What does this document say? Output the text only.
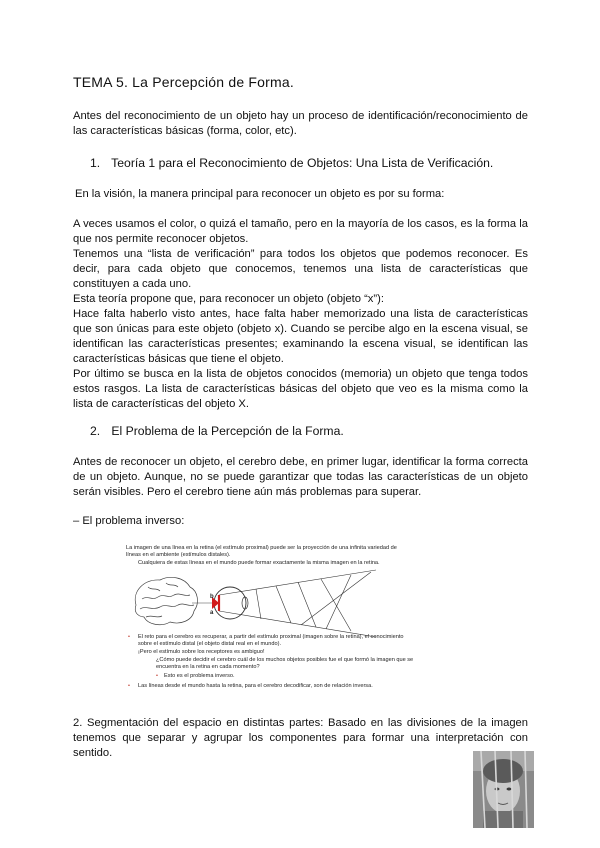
TEMA 5. La Percepción de Forma.
Antes del reconocimiento de un objeto hay un proceso de identificación/reconocimiento de las características básicas (forma, color, etc).
1. Teoría 1 para el Reconocimiento de Objetos: Una Lista de Verificación.
En la visión, la manera principal para reconocer un objeto es por su forma:
A veces usamos el color, o quizá el tamaño, pero en la mayoría de los casos, es la forma la que nos permite reconocer objetos.
Tenemos una “lista de verificación” para todos los objetos que podemos reconocer. Es decir, para cada objeto que conocemos, tenemos una lista de características que constituyen a cada uno.
Esta teoría propone que, para reconocer un objeto (objeto “x”):
Hace falta haberlo visto antes, hace falta haber memorizado una lista de características que son únicas para este objeto (objeto x). Cuando se percibe algo en la escena visual, se identifican las características presentes; examinando la escena visual, se identifican las características básicas que tiene el objeto.
Por último se busca en la lista de objetos conocidos (memoria) un objeto que tenga todos estos rasgos. La lista de características básicas del objeto que veo es la misma como la lista de características del objeto X.
2. El Problema de la Percepción de la Forma.
Antes de reconocer un objeto, el cerebro debe, en primer lugar, identificar la forma correcta de un objeto. Aunque, no se puede garantizar que todas las características de un objeto serán visibles. Pero el cerebro tiene aún más problemas para superar.
– El problema inverso:
La imagen de una línea en la retina (el estímulo proximal) puede ser la proyección de una infinita variedad de
líneas en el ambiente (estímulos distales).
Cualquiera de estas líneas en el mundo puede formar exactamente la misma imagen en la retina.
b
a
• El reto para el cerebro es recuperar, a partir del estímulo proximal (imagen sobre la retina), el conocimiento
sobre el estímulo distal (el objeto distal real en el mundo).
¡Pero el estímulo sobre los receptores es ambiguo!
¿Cómo puede decidir el cerebro cuál de los muchos objetos posibles fue el que formó la imagen que se
encuentra en la retina en cada momento?
• Esto es el problema inverso.
• Las líneas desde el mundo hasta la retina, para el cerebro decodificar, son de relación inversa.
2. Segmentación del espacio en distintas partes: Basado en las divisiones de la imagen tenemos que separar y agrupar los componentes para formar una interpretación con sentido.
